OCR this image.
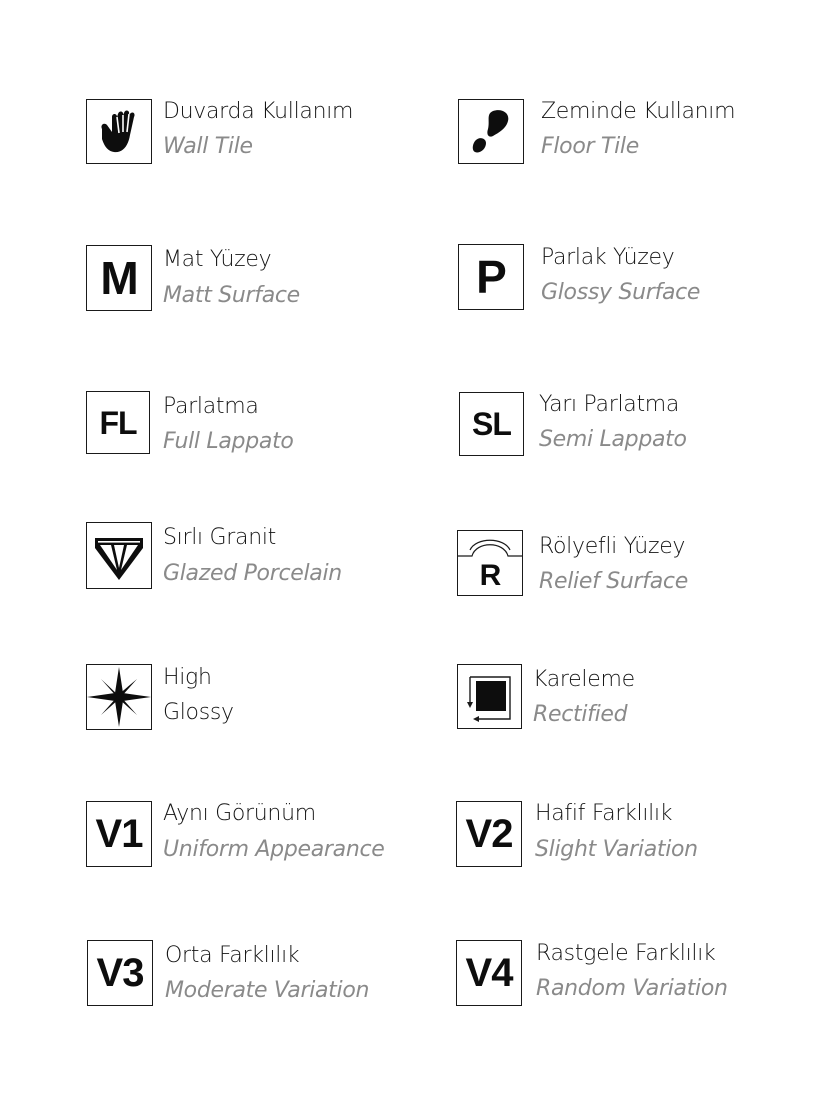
Duvarda Kullanım
Wall Tile
Zeminde Kullanım
Floor Tile
M Mat Yüzey
Matt Surface	P Parlak Yüzey
Glossy Surface
FL Parlatma
Full Lappato	SL
Yarı Parlatma
Semi Lappato
Sırlı Granit
Glazed Porcelain	R
Rölyefli Yüzey
Relief Surface
High
Glossy
Kareleme
Rectified
V1 Aynı Görünüm
Uniform Appearance V2 Hafif Farklılık
Slight Variation
V3 Orta Farklılık
Moderate Variation V4 Rastgele Farklılık
Random Variation
